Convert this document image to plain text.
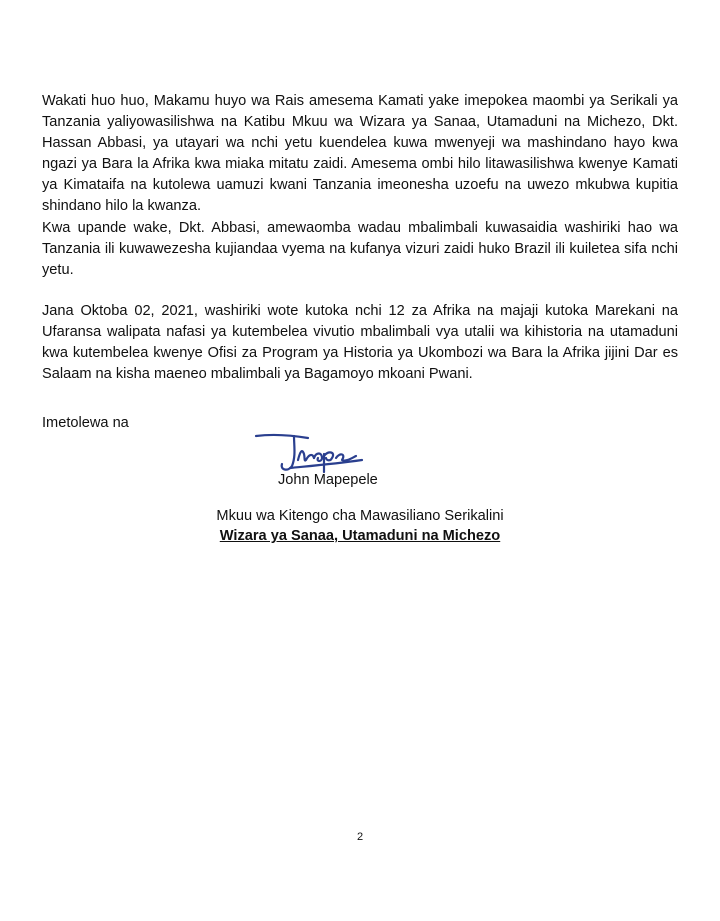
Wakati huo huo, Makamu huyo wa Rais amesema Kamati yake imepokea maombi ya Serikali ya Tanzania yaliyowasilishwa na Katibu Mkuu wa Wizara ya Sanaa, Utamaduni na Michezo, Dkt. Hassan Abbasi, ya utayari wa nchi yetu kuendelea kuwa mwenyeji wa mashindano hayo kwa ngazi ya Bara la Afrika kwa miaka mitatu zaidi. Amesema ombi hilo litawasilishwa kwenye Kamati ya Kimataifa na kutolewa uamuzi kwani Tanzania imeonesha uzoefu na uwezo mkubwa kupitia shindano hilo la kwanza.

Kwa upande wake, Dkt. Abbasi, amewaomba wadau mbalimbali kuwasaidia washiriki hao wa Tanzania ili kuwawezesha kujiandaa vyema na kufanya vizuri zaidi huko Brazil ili kuiletea sifa nchi yetu.

Jana Oktoba 02, 2021, washiriki wote kutoka nchi 12 za Afrika na majaji kutoka Marekani na Ufaransa walipata nafasi ya kutembelea vivutio mbalimbali vya utalii wa kihistoria na utamaduni kwa kutembelea kwenye Ofisi za Program ya Historia ya Ukombozi wa Bara la Afrika jijini Dar es Salaam na kisha maeneo mbalimbali ya Bagamoyo mkoani Pwani.

Imetolewa na

John Mapepele

Mkuu wa Kitengo cha Mawasiliano Serikalini

Wizara ya Sanaa, Utamaduni na Michezo

2
